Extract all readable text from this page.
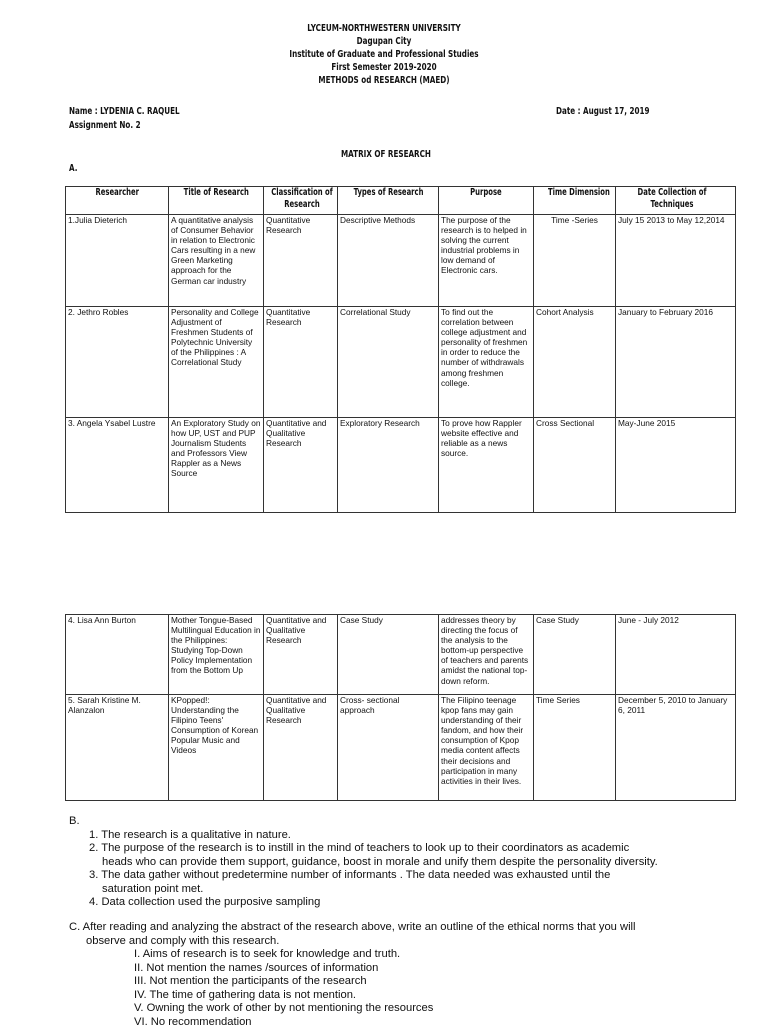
LYCEUM-NORTHWESTERN UNIVERSITY
Dagupan City
Institute of Graduate and Professional Studies
First Semester 2019-2020
METHODS od RESEARCH (MAED)
Name : LYDENIA C. RAQUEL
Assignment No. 2
Date : August 17, 2019
MATRIX OF RESEARCH
A.
Researcher	Title of Research	Classification of Research	Types of Research	Purpose	Time Dimension	Date Collection of Techniques
1.Julia Dieterich	A quantitative analysis of Consumer Behavior in relation to Electronic Cars resulting in a new Green Marketing approach for the German car industry	Quantitative Research	Descriptive Methods	The purpose of the research is to helped in solving the current industrial problems in low demand of Electronic cars.	Time -Series	July 15 2013 to May 12,2014
2. Jethro Robles	Personality and College Adjustment of Freshmen Students of Polytechnic University of the Philippines : A Correlational Study	Quantitative Research	Correlational Study	To find out the correlation between college adjustment and personality of freshmen in order to reduce the number of withdrawals among freshmen college.	Cohort Analysis	January to February 2016
3. Angela Ysabel Lustre	An Exploratory Study on how UP, UST and PUP Journalism Students and Professors View Rappler as a News Source	Quantitative and Qualitative Research	Exploratory Research	To prove how Rappler website effective and reliable as a news source.	Cross Sectional	May-June 2015
4. Lisa Ann Burton	Mother Tongue-Based Multilingual Education in the Philippines: Studying Top-Down Policy Implementation from the Bottom Up	Quantitative and Qualitative Research	Case Study	addresses theory by directing the focus of the analysis to the bottom-up perspective of teachers and parents amidst the national top-down reform.	Case Study	June - July 2012
5. Sarah Kristine M. Alanzalon	KPopped!: Understanding the Filipino Teens' Consumption of Korean Popular Music and Videos	Quantitative and Qualitative Research	Cross- sectional approach	The Filipino teenage kpop fans may gain understanding of their fandom, and how their consumption of Kpop media content affects their decisions and participation in many activities in their lives.	Time Series	December 5, 2010 to January 6, 2011
B.
1. The research is a qualitative in nature.
2. The purpose of the research is to instill in the mind of teachers to look up to their coordinators as academic
heads who can provide them support, guidance, boost in morale and unify them despite the personality diversity.
3. The data gather without predetermine number of informants . The data needed was exhausted until the
saturation point met.
4. Data collection used the purposive sampling
C. After reading and analyzing the abstract of the research above, write an outline of the ethical norms that you will
observe and comply with this research.
I. Aims of research is to seek for knowledge and truth.
II. Not mention the names /sources of information
III. Not mention the participants of the research
IV. The time of gathering data is not mention.
V. Owning the work of other by not mentioning the resources
VI. No recommendation
